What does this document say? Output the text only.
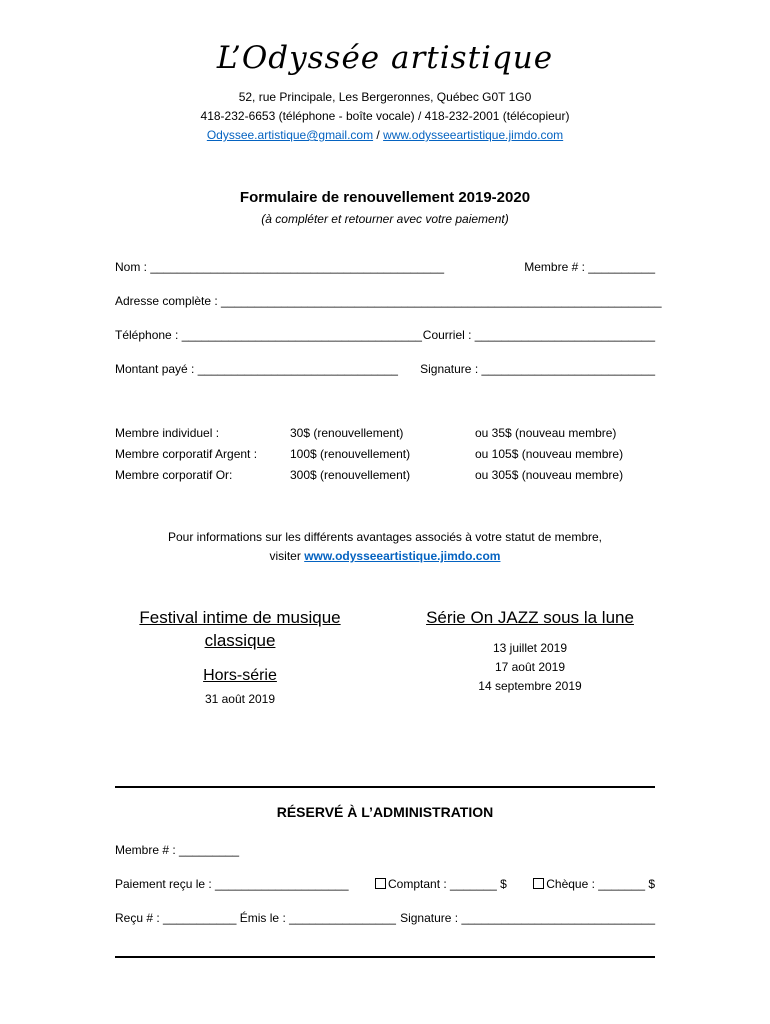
L’Odyssée artistique
52, rue Principale, Les Bergeronnes, Québec G0T 1G0
418-232-6653 (téléphone - boîte vocale) / 418-232-2001 (télécopieur)
Odyssee.artistique@gmail.com / www.odysseeartistique.jimdo.com
Formulaire de renouvellement 2019-2020
(à compléter et retourner avec votre paiement)
Nom : ____________________________________________	Membre # : __________
Adresse complète : __________________________________________________________________
Téléphone : ____________________________________ Courriel : ___________________________
Montant payé : ______________________________ Signature : __________________________
Membre individuel :	30$ (renouvellement)	ou 35$ (nouveau membre)
Membre corporatif Argent :	100$ (renouvellement)	ou 105$ (nouveau membre)
Membre corporatif Or:	300$ (renouvellement)	ou 305$ (nouveau membre)
Pour informations sur les différents avantages associés à votre statut de membre,
visiter www.odysseeartistique.jimdo.com
Festival intime de musique classique
Hors-série
31 août 2019
Série On JAZZ sous la lune
13 juillet 2019
17 août 2019
14 septembre 2019
RÉSERVÉ À L’ADMINISTRATION
Membre # : _________
Paiement reçu le : ____________________	Comptant : _______ $	Chèque : _______ $
Reçu # : ___________ Émis le : ________________ Signature : _____________________________
